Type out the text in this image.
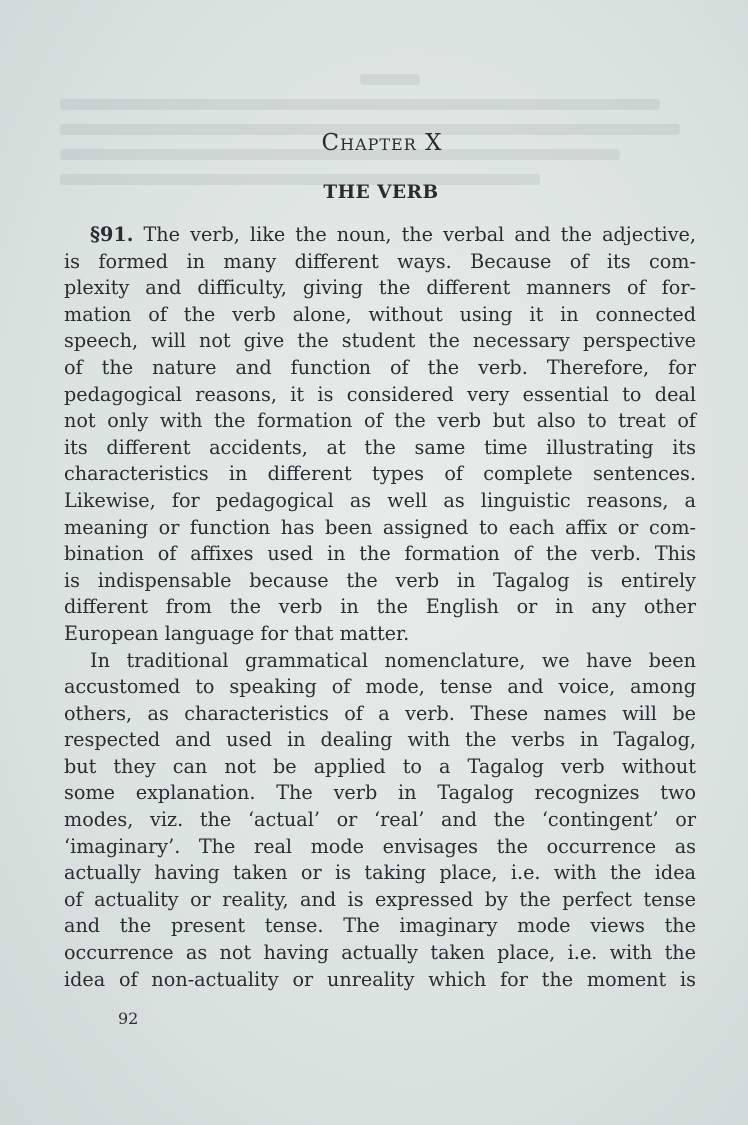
Chapter X
THE VERB
§91. The verb, like the noun, the verbal and the adjective,
is formed in many different ways. Because of its com-
plexity and difficulty, giving the different manners of for-
mation of the verb alone, without using it in connected
speech, will not give the student the necessary perspective
of the nature and function of the verb. Therefore, for
pedagogical reasons, it is considered very essential to deal
not only with the formation of the verb but also to treat of
its different accidents, at the same time illustrating its
characteristics in different types of complete sentences.
Likewise, for pedagogical as well as linguistic reasons, a
meaning or function has been assigned to each affix or com-
bination of affixes used in the formation of the verb. This
is indispensable because the verb in Tagalog is entirely
different from the verb in the English or in any other
European language for that matter.
In traditional grammatical nomenclature, we have been
accustomed to speaking of mode, tense and voice, among
others, as characteristics of a verb. These names will be
respected and used in dealing with the verbs in Tagalog,
but they can not be applied to a Tagalog verb without
some explanation. The verb in Tagalog recognizes two
modes, viz. the ‘actual’ or ‘real’ and the ‘contingent’ or
‘imaginary’. The real mode envisages the occurrence as
actually having taken or is taking place, i.e. with the idea
of actuality or reality, and is expressed by the perfect tense
and the present tense. The imaginary mode views the
occurrence as not having actually taken place, i.e. with the
idea of non-actuality or unreality which for the moment is
92
